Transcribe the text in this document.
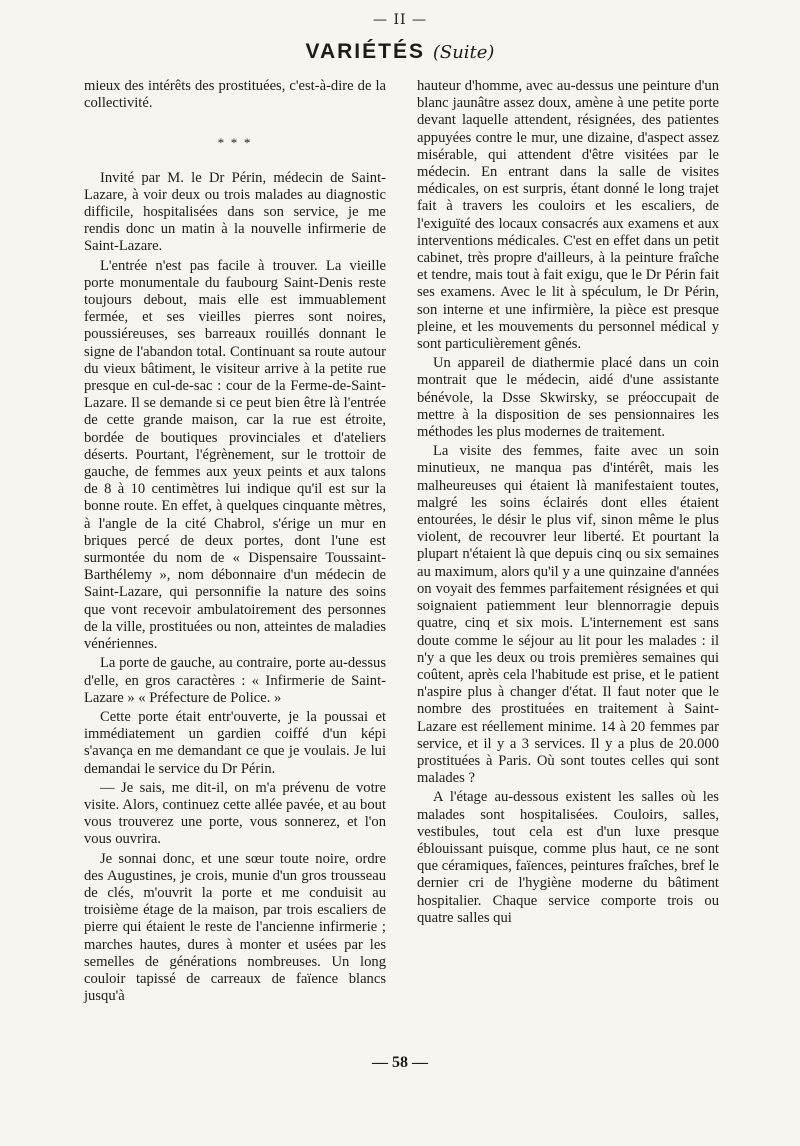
— II —
VARIÉTÉS (Suite)

mieux des intérêts des prostituées, c'est-à-dire de la collectivité.

* * *

Invité par M. le Dr Périn, médecin de Saint-Lazare, à voir deux ou trois malades au diagnostic difficile, hospitalisées dans son service, je me rendis donc un matin à la nouvelle infirmerie de Saint-Lazare.

L'entrée n'est pas facile à trouver. La vieille porte monumentale du faubourg Saint-Denis reste toujours debout, mais elle est immuablement fermée, et ses vieilles pierres sont noires, poussiéreuses, ses barreaux rouillés donnant le signe de l'abandon total. Continuant sa route autour du vieux bâtiment, le visiteur arrive à la petite rue presque en cul-de-sac : cour de la Ferme-de-Saint-Lazare. Il se demande si ce peut bien être là l'entrée de cette grande maison, car la rue est étroite, bordée de boutiques provinciales et d'ateliers déserts. Pourtant, l'égrènement, sur le trottoir de gauche, de femmes aux yeux peints et aux talons de 8 à 10 centimètres lui indique qu'il est sur la bonne route. En effet, à quelques cinquante mètres, à l'angle de la cité Chabrol, s'érige un mur en briques percé de deux portes, dont l'une est surmontée du nom de « Dispensaire Toussaint-Barthélemy », nom débonnaire d'un médecin de Saint-Lazare, qui personnifie la nature des soins que vont recevoir ambulatoirement des personnes de la ville, prostituées ou non, atteintes de maladies vénériennes.

La porte de gauche, au contraire, porte au-dessus d'elle, en gros caractères : « Infirmerie de Saint-Lazare » « Préfecture de Police. »

Cette porte était entr'ouverte, je la poussai et immédiatement un gardien coiffé d'un képi s'avança en me demandant ce que je voulais. Je lui demandai le service du Dr Périn.

— Je sais, me dit-il, on m'a prévenu de votre visite. Alors, continuez cette allée pavée, et au bout vous trouverez une porte, vous sonnerez, et l'on vous ouvrira.

Je sonnai donc, et une sœur toute noire, ordre des Augustines, je crois, munie d'un gros trousseau de clés, m'ouvrit la porte et me conduisit au troisième étage de la maison, par trois escaliers de pierre qui étaient le reste de l'ancienne infirmerie ; marches hautes, dures à monter et usées par les semelles de générations nombreuses. Un long couloir tapissé de carreaux de faïence blancs jusqu'à

hauteur d'homme, avec au-dessus une peinture d'un blanc jaunâtre assez doux, amène à une petite porte devant laquelle attendent, résignées, des patientes appuyées contre le mur, une dizaine, d'aspect assez misérable, qui attendent d'être visitées par le médecin. En entrant dans la salle de visites médicales, on est surpris, étant donné le long trajet fait à travers les couloirs et les escaliers, de l'exiguïté des locaux consacrés aux examens et aux interventions médicales. C'est en effet dans un petit cabinet, très propre d'ailleurs, à la peinture fraîche et tendre, mais tout à fait exigu, que le Dr Périn fait ses examens. Avec le lit à spéculum, le Dr Périn, son interne et une infirmière, la pièce est presque pleine, et les mouvements du personnel médical y sont particulièrement gênés.

Un appareil de diathermie placé dans un coin montrait que le médecin, aidé d'une assistante bénévole, la Dsse Skwirsky, se préoccupait de mettre à la disposition de ses pensionnaires les méthodes les plus modernes de traitement.

La visite des femmes, faite avec un soin minutieux, ne manqua pas d'intérêt, mais les malheureuses qui étaient là manifestaient toutes, malgré les soins éclairés dont elles étaient entourées, le désir le plus vif, sinon même le plus violent, de recouvrer leur liberté. Et pourtant la plupart n'étaient là que depuis cinq ou six semaines au maximum, alors qu'il y a une quinzaine d'années on voyait des femmes parfaitement résignées et qui soignaient patiemment leur blennorragie depuis quatre, cinq et six mois. L'internement est sans doute comme le séjour au lit pour les malades : il n'y a que les deux ou trois premières semaines qui coûtent, après cela l'habitude est prise, et le patient n'aspire plus à changer d'état. Il faut noter que le nombre des prostituées en traitement à Saint-Lazare est réellement minime. 14 à 20 femmes par service, et il y a 3 services. Il y a plus de 20.000 prostituées à Paris. Où sont toutes celles qui sont malades ?

A l'étage au-dessous existent les salles où les malades sont hospitalisées. Couloirs, salles, vestibules, tout cela est d'un luxe presque éblouissant puisque, comme plus haut, ce ne sont que céramiques, faïences, peintures fraîches, bref le dernier cri de l'hygiène moderne du bâtiment hospitalier. Chaque service comporte trois ou quatre salles qui

— 58 —
